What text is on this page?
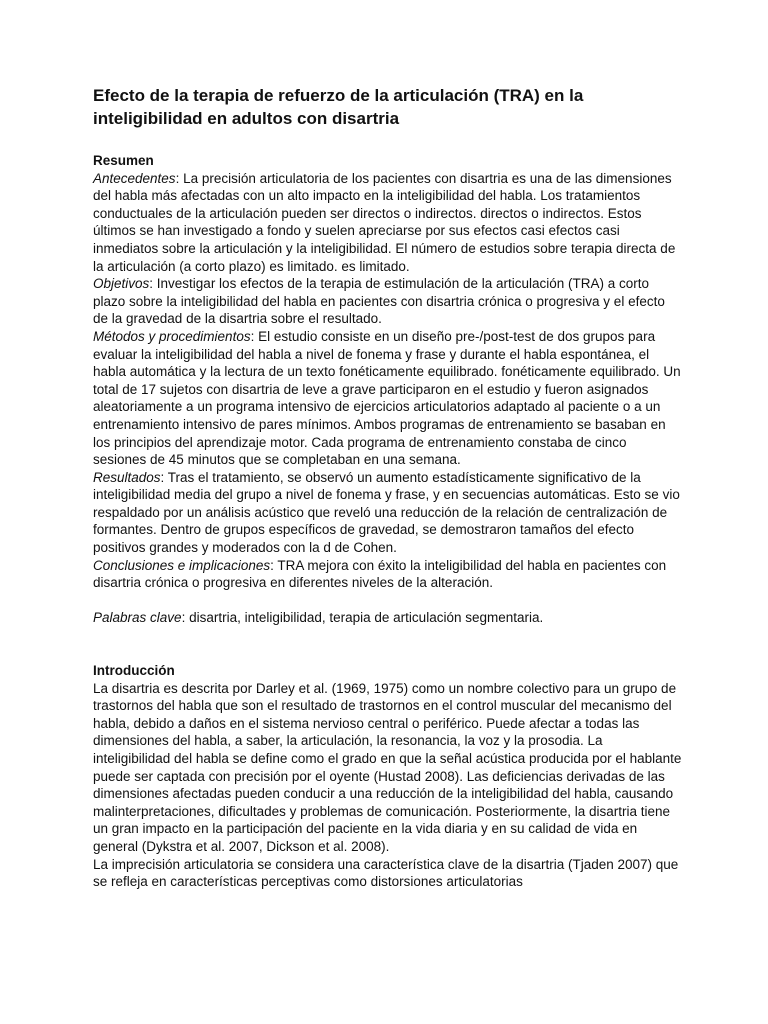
Efecto de la terapia de refuerzo de la articulación (TRA) en la inteligibilidad en adultos con disartria
Resumen

Antecedentes: La precisión articulatoria de los pacientes con disartria es una de las dimensiones del habla más afectadas con un alto impacto en la inteligibilidad del habla. Los tratamientos conductuales de la articulación pueden ser directos o indirectos. directos o indirectos. Estos últimos se han investigado a fondo y suelen apreciarse por sus efectos casi efectos casi inmediatos sobre la articulación y la inteligibilidad. El número de estudios sobre terapia directa de la articulación (a corto plazo) es limitado. es limitado.

Objetivos: Investigar los efectos de la terapia de estimulación de la articulación (TRA) a corto plazo sobre la inteligibilidad del habla en pacientes con disartria crónica o progresiva y el efecto de la gravedad de la disartria sobre el resultado.

Métodos y procedimientos: El estudio consiste en un diseño pre-/post-test de dos grupos para evaluar la inteligibilidad del habla a nivel de fonema y frase y durante el habla espontánea, el habla automática y la lectura de un texto fonéticamente equilibrado. fonéticamente equilibrado. Un total de 17 sujetos con disartria de leve a grave participaron en el estudio y fueron asignados aleatoriamente a un programa intensivo de ejercicios articulatorios adaptado al paciente o a un entrenamiento intensivo de pares mínimos. Ambos programas de entrenamiento se basaban en los principios del aprendizaje motor. Cada programa de entrenamiento constaba de cinco sesiones de 45 minutos que se completaban en una semana.

Resultados: Tras el tratamiento, se observó un aumento estadísticamente significativo de la inteligibilidad media del grupo a nivel de fonema y frase, y en secuencias automáticas. Esto se vio respaldado por un análisis acústico que reveló una reducción de la relación de centralización de formantes. Dentro de grupos específicos de gravedad, se demostraron tamaños del efecto positivos grandes y moderados con la d de Cohen.

Conclusiones e implicaciones: TRA mejora con éxito la inteligibilidad del habla en pacientes con disartria crónica o progresiva en diferentes niveles de la alteración.

Palabras clave: disartria, inteligibilidad, terapia de articulación segmentaria.

Introducción

La disartria es descrita por Darley et al. (1969, 1975) como un nombre colectivo para un grupo de trastornos del habla que son el resultado de trastornos en el control muscular del mecanismo del habla, debido a daños en el sistema nervioso central o periférico. Puede afectar a todas las dimensiones del habla, a saber, la articulación, la resonancia, la voz y la prosodia. La inteligibilidad del habla se define como el grado en que la señal acústica producida por el hablante puede ser captada con precisión por el oyente (Hustad 2008). Las deficiencias derivadas de las dimensiones afectadas pueden conducir a una reducción de la inteligibilidad del habla, causando malinterpretaciones, dificultades y problemas de comunicación. Posteriormente, la disartria tiene un gran impacto en la participación del paciente en la vida diaria y en su calidad de vida en general (Dykstra et al. 2007, Dickson et al. 2008).

La imprecisión articulatoria se considera una característica clave de la disartria (Tjaden 2007) que se refleja en características perceptivas como distorsiones articulatorias
